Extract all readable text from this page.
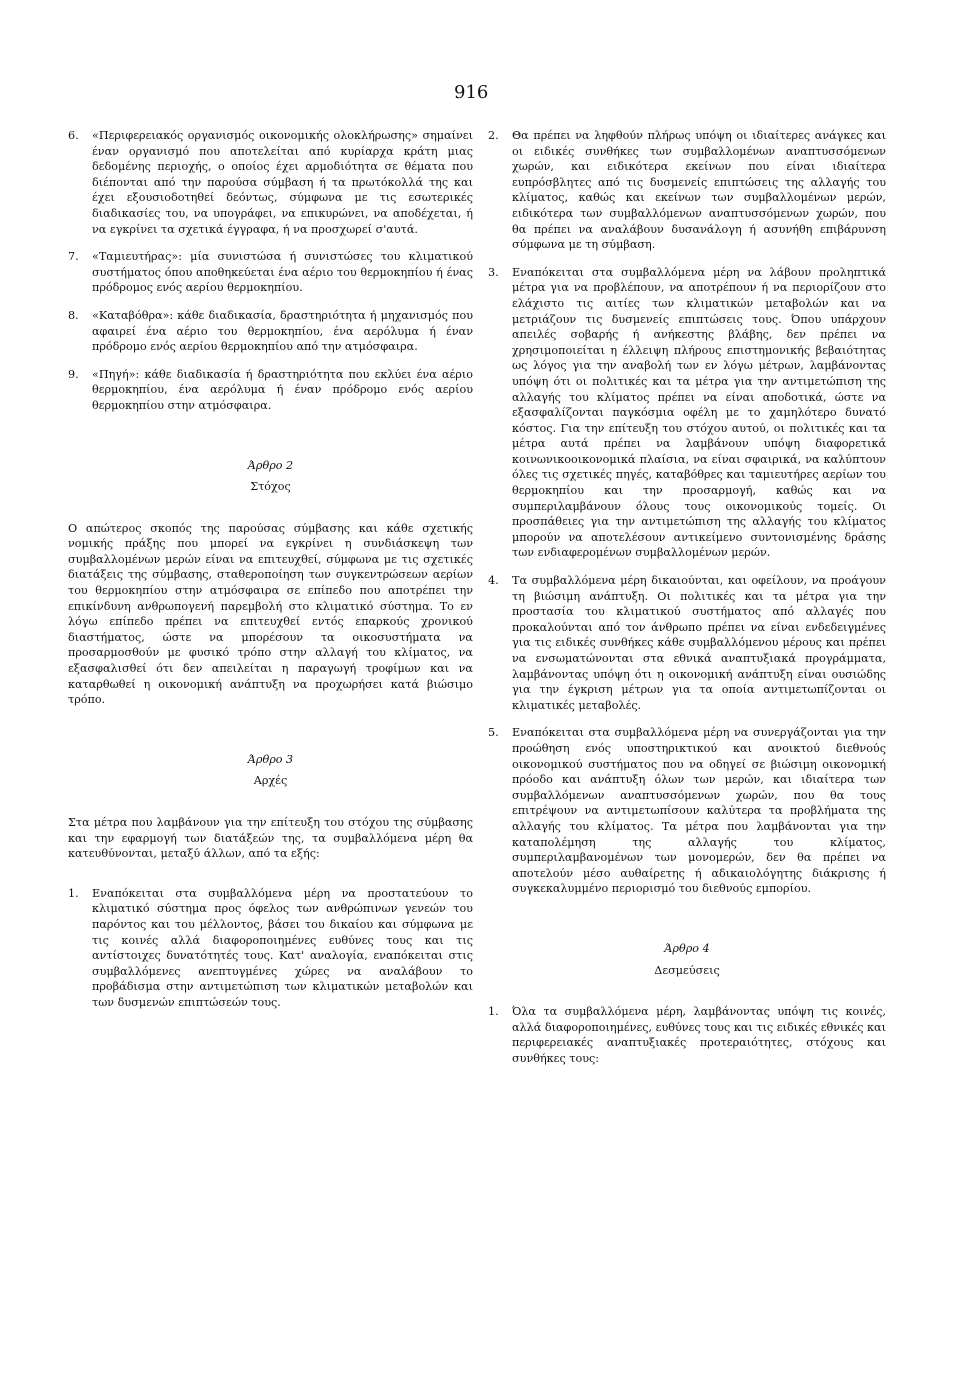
916
6.	«Περιφερειακός οργανισμός οικονομικής ολοκλήρωσης» σημαίνει έναν οργανισμό που αποτελείται από κυρίαρχα κράτη μιας δεδομένης περιοχής, ο οποίος έχει αρμοδιότητα σε θέματα που διέπονται από την παρούσα σύμβαση ή τα πρωτόκολλά της και έχει εξουσιοδοτηθεί δεόντως, σύμφωνα με τις εσωτερικές διαδικασίες του, να υπογράφει, να επικυρώνει, να αποδέχεται, ή να εγκρίνει τα σχετικά έγγραφα, ή να προσχωρεί σ'αυτά.
7.	«Ταμιευτήρας»: μία συνιστώσα ή συνιστώσες του κλιματικού συστήματος όπου αποθηκεύεται ένα αέριο του θερμοκηπίου ή ένας πρόδρομος ενός αερίου θερμοκηπίου.
8.	«Καταβόθρα»: κάθε διαδικασία, δραστηριότητα ή μηχανισμός που αφαιρεί ένα αέριο του θερμοκηπίου, ένα αερόλυμα ή έναν πρόδρομο ενός αερίου θερμοκηπίου από την ατμόσφαιρα.
9.	«Πηγή»: κάθε διαδικασία ή δραστηριότητα που εκλύει ένα αέριο θερμοκηπίου, ένα αερόλυμα ή έναν πρόδρομο ενός αερίου θερμοκηπίου στην ατμόσφαιρα.
Άρθρο 2
Στόχος

Ο απώτερος σκοπός της παρούσας σύμβασης και κάθε σχετικής νομικής πράξης που μπορεί να εγκρίνει η συνδιάσκεψη των συμβαλλομένων μερών είναι να επιτευχθεί, σύμφωνα με τις σχετικές διατάξεις της σύμβασης, σταθεροποίηση των συγκεντρώσεων αερίων του θερμοκηπίου στην ατμόσφαιρα σε επίπεδο που αποτρέπει την επικίνδυνη ανθρωπογενή παρεμβολή στο κλιματικό σύστημα. Το εν λόγω επίπεδο πρέπει να επιτευχθεί εντός επαρκούς χρονικού διαστήματος, ώστε να μπορέσουν τα οικοσυστήματα να προσαρμοσθούν με φυσικό τρόπο στην αλλαγή του κλίματος, να εξασφαλισθεί ότι δεν απειλείται η παραγωγή τροφίμων και να καταρθωθεί η οικονομική ανάπτυξη να προχωρήσει κατά βιώσιμο τρόπο.

Άρθρο 3
Αρχές

Στα μέτρα που λαμβάνουν για την επίτευξη του στόχου της σύμβασης και την εφαρμογή των διατάξεών της, τα συμβαλλόμενα μέρη θα κατευθύνονται, μεταξύ άλλων, από τα εξής:

1.	Εναπόκειται στα συμβαλλόμενα μέρη να προστατεύουν το κλιματικό σύστημα προς όφελος των ανθρώπινων γενεών του παρόντος και του μέλλοντος, βάσει του δικαίου και σύμφωνα με τις κοινές αλλά διαφοροποιημένες ευθύνες τους και τις αντίστοιχες δυνατότητές τους. Κατ' αναλογία, εναπόκειται στις συμβαλλόμενες ανεπτυγμένες χώρες να αναλάβουν το προβάδισμα στην αντιμετώπιση των κλιματικών μεταβολών και των δυσμενών επιπτώσεών τους.
2.	Θα πρέπει να ληφθούν πλήρως υπόψη οι ιδιαίτερες ανάγκες και οι ειδικές συνθήκες των συμβαλλομένων αναπτυσσόμενων χωρών, και ειδικότερα εκείνων που είναι ιδιαίτερα ευπρόσβλητες από τις δυσμενείς επιπτώσεις της αλλαγής του κλίματος, καθώς και εκείνων των συμβαλλομένων μερών, ειδικότερα των συμβαλλόμενων αναπτυσσόμενων χωρών, που θα πρέπει να αναλάβουν δυσανάλογη ή ασυνήθη επιβάρυνση σύμφωνα με τη σύμβαση.
3.	Εναπόκειται στα συμβαλλόμενα μέρη να λάβουν προληπτικά μέτρα για να προβλέπουν, να αποτρέπουν ή να περιορίζουν στο ελάχιστο τις αιτίες των κλιματικών μεταβολών και να μετριάζουν τις δυσμενείς επιπτώσεις τους. Όπου υπάρχουν απειλές σοβαρής ή ανήκεστης βλάβης, δεν πρέπει να χρησιμοποιείται η έλλειψη πλήρους επιστημονικής βεβαιότητας ως λόγος για την αναβολή των εν λόγω μέτρων, λαμβάνοντας υπόψη ότι οι πολιτικές και τα μέτρα για την αντιμετώπιση της αλλαγής του κλίματος πρέπει να είναι αποδοτικά, ώστε να εξασφαλίζονται παγκόσμια οφέλη με το χαμηλότερο δυνατό κόστος. Για την επίτευξη του στόχου αυτού, οι πολιτικές και τα μέτρα αυτά πρέπει να λαμβάνουν υπόψη διαφορετικά κοινωνικοοικονομικά πλαίσια, να είναι σφαιρικά, να καλύπτουν όλες τις σχετικές πηγές, καταβόθρες και ταμιευτήρες αερίων του θερμοκηπίου και την προσαρμογή, καθώς και να συμπεριλαμβάνουν όλους τους οικονομικούς τομείς. Οι προσπάθειες για την αντιμετώπιση της αλλαγής του κλίματος μπορούν να αποτελέσουν αντικείμενο συντονισμένης δράσης των ενδιαφερομένων συμβαλλομένων μερών.
4.	Τα συμβαλλόμενα μέρη δικαιούνται, και οφείλουν, να προάγουν τη βιώσιμη ανάπτυξη. Οι πολιτικές και τα μέτρα για την προστασία του κλιματικού συστήματος από αλλαγές που προκαλούνται από τον άνθρωπο πρέπει να είναι ενδεδειγμένες για τις ειδικές συνθήκες κάθε συμβαλλόμενου μέρους και πρέπει να ενσωματώνονται στα εθνικά αναπτυξιακά προγράμματα, λαμβάνοντας υπόψη ότι η οικονομική ανάπτυξη είναι ουσιώδης για την έγκριση μέτρων για τα οποία αντιμετωπίζονται οι κλιματικές μεταβολές.
5.	Εναπόκειται στα συμβαλλόμενα μέρη να συνεργάζονται για την προώθηση ενός υποστηρικτικού και ανοικτού διεθνούς οικονομικού συστήματος που να οδηγεί σε βιώσιμη οικονομική πρόοδο και ανάπτυξη όλων των μερών, και ιδιαίτερα των συμβαλλόμενων αναπτυσσόμενων χωρών, που θα τους επιτρέψουν να αντιμετωπίσουν καλύτερα τα προβλήματα της αλλαγής του κλίματος. Τα μέτρα που λαμβάνονται για την καταπολέμηση της αλλαγής του κλίματος, συμπεριλαμβανομένων των μονομερών, δεν θα πρέπει να αποτελούν μέσο αυθαίρετης ή αδικαιολόγητης διάκρισης ή συγκεκαλυμμένο περιορισμό του διεθνούς εμπορίου.
Άρθρο 4
Δεσμεύσεις
1.	Όλα τα συμβαλλόμενα μέρη, λαμβάνοντας υπόψη τις κοινές, αλλά διαφοροποιημένες, ευθύνες τους και τις ειδικές εθνικές και περιφερειακές αναπτυξιακές προτεραιότητες, στόχους και συνθήκες τους:
